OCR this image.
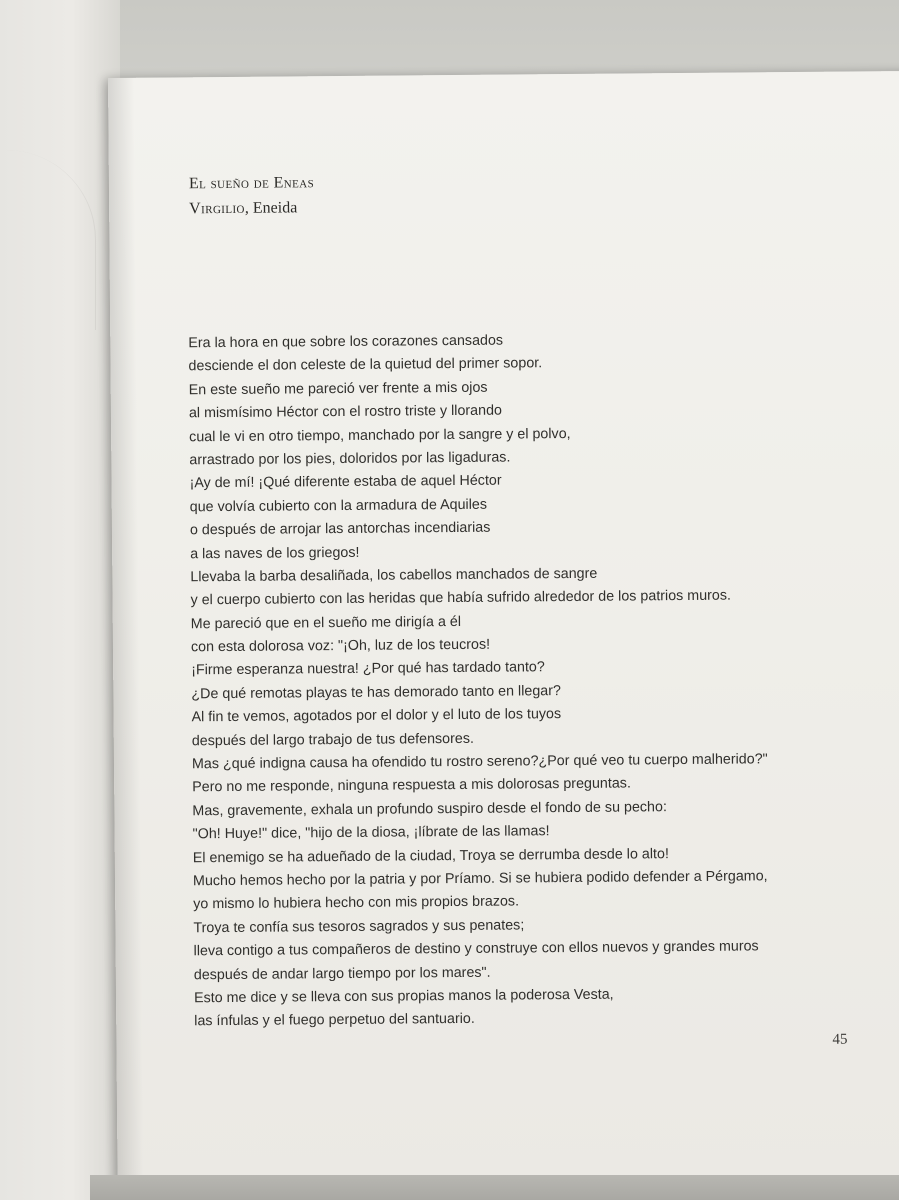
El sueño de Eneas
Virgilio, Eneida
Era la hora en que sobre los corazones cansados
desciende el don celeste de la quietud del primer sopor.
En este sueño me pareció ver frente a mis ojos
al mismísimo Héctor con el rostro triste y llorando
cual le vi en otro tiempo, manchado por la sangre y el polvo,
arrastrado por los pies, doloridos por las ligaduras.
¡Ay de mí! ¡Qué diferente estaba de aquel Héctor
que volvía cubierto con la armadura de Aquiles
o después de arrojar las antorchas incendiarias
a las naves de los griegos!
Llevaba la barba desaliñada, los cabellos manchados de sangre
y el cuerpo cubierto con las heridas que había sufrido alrededor de los patrios muros.
Me pareció que en el sueño me dirigía a él
con esta dolorosa voz: "¡Oh, luz de los teucros!
¡Firme esperanza nuestra! ¿Por qué has tardado tanto?
¿De qué remotas playas te has demorado tanto en llegar?
Al fin te vemos, agotados por el dolor y el luto de los tuyos
después del largo trabajo de tus defensores.
Mas ¿qué indigna causa ha ofendido tu rostro sereno?¿Por qué veo tu cuerpo malherido?"
Pero no me responde, ninguna respuesta a mis dolorosas preguntas.
Mas, gravemente, exhala un profundo suspiro desde el fondo de su pecho:
"Oh! Huye!" dice, "hijo de la diosa, ¡líbrate de las llamas!
El enemigo se ha adueñado de la ciudad, Troya se derrumba desde lo alto!
Mucho hemos hecho por la patria y por Príamo. Si se hubiera podido defender a Pérgamo,
yo mismo lo hubiera hecho con mis propios brazos.
Troya te confía sus tesoros sagrados y sus penates;
lleva contigo a tus compañeros de destino y construye con ellos nuevos y grandes muros
después de andar largo tiempo por los mares".
Esto me dice y se lleva con sus propias manos la poderosa Vesta,
las ínfulas y el fuego perpetuo del santuario.
45
